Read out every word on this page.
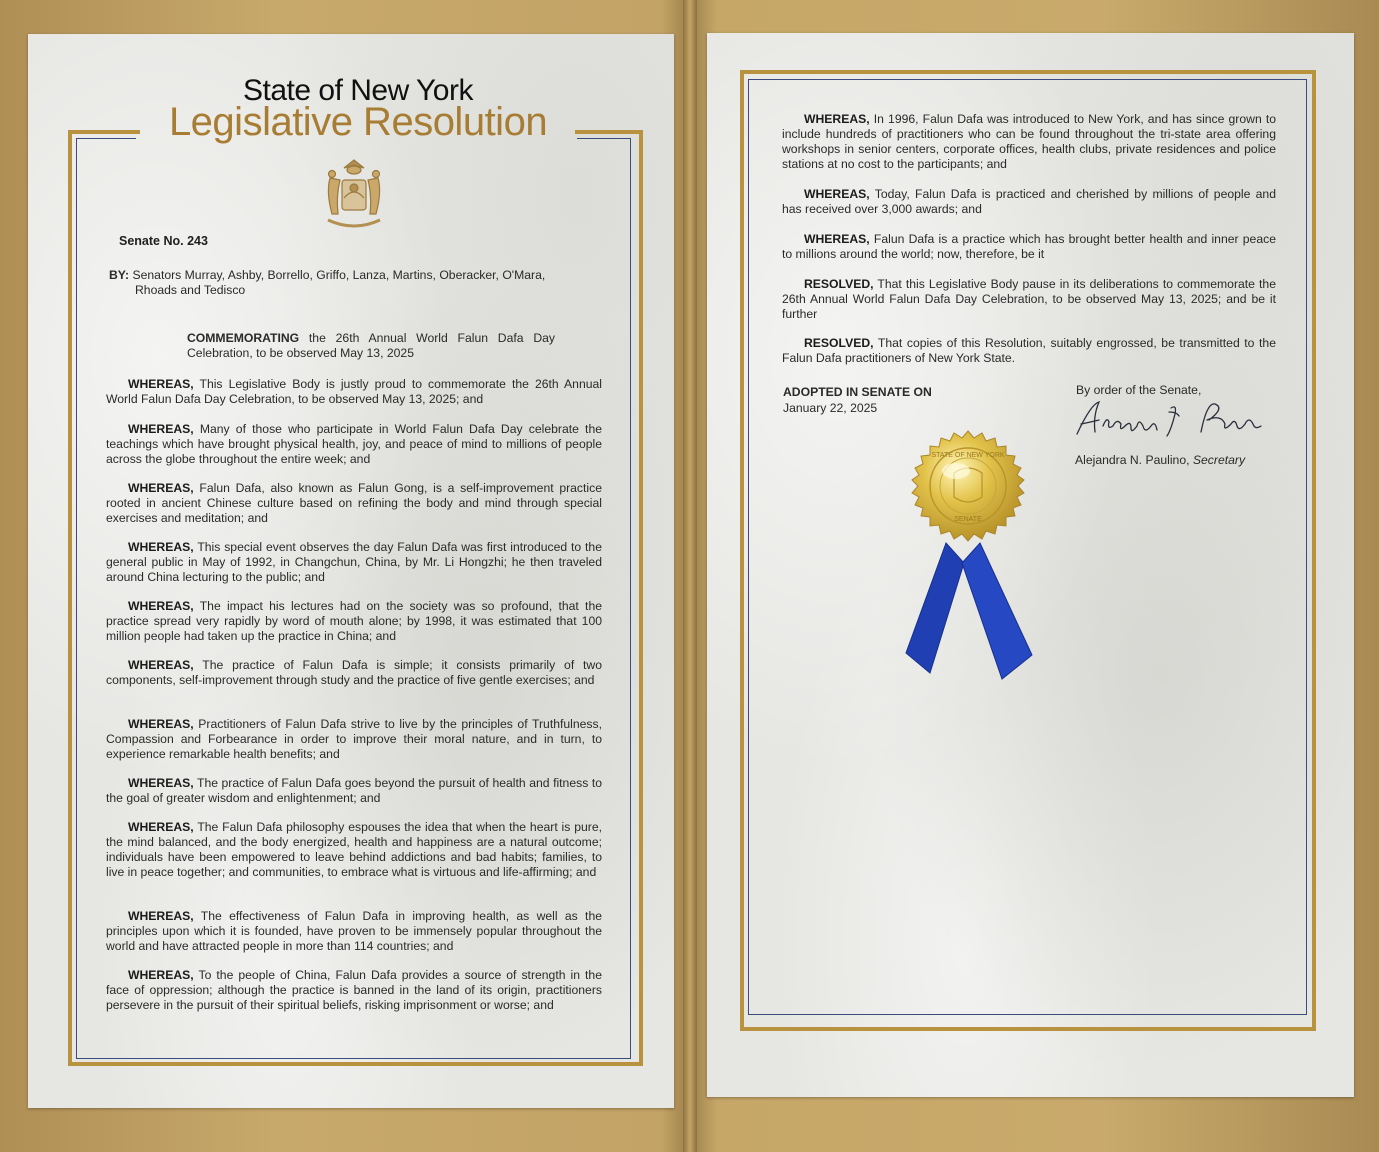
State of New York
Legislative Resolution
Senate No. 243
BY: Senators Murray, Ashby, Borrello, Griffo, Lanza, Martins, Oberacker, O'Mara,
Rhoads and Tedisco
COMMEMORATING the 26th Annual World Falun Dafa Day Celebration, to be observed May 13, 2025
WHEREAS, This Legislative Body is justly proud to commemorate the 26th Annual World Falun Dafa Day Celebration, to be observed May 13, 2025; and
WHEREAS, Many of those who participate in World Falun Dafa Day celebrate the teachings which have brought physical health, joy, and peace of mind to millions of people across the globe throughout the entire week; and
WHEREAS, Falun Dafa, also known as Falun Gong, is a self-improvement practice rooted in ancient Chinese culture based on refining the body and mind through special exercises and meditation; and
WHEREAS, This special event observes the day Falun Dafa was first introduced to the general public in May of 1992, in Changchun, China, by Mr. Li Hongzhi; he then traveled around China lecturing to the public; and
WHEREAS, The impact his lectures had on the society was so profound, that the practice spread very rapidly by word of mouth alone; by 1998, it was estimated that 100 million people had taken up the practice in China; and
WHEREAS, The practice of Falun Dafa is simple; it consists primarily of two components, self-improvement through study and the practice of five gentle exercises; and
WHEREAS, Practitioners of Falun Dafa strive to live by the principles of Truthfulness, Compassion and Forbearance in order to improve their moral nature, and in turn, to experience remarkable health benefits; and
WHEREAS, The practice of Falun Dafa goes beyond the pursuit of health and fitness to the goal of greater wisdom and enlightenment; and
WHEREAS, The Falun Dafa philosophy espouses the idea that when the heart is pure, the mind balanced, and the body energized, health and happiness are a natural outcome; individuals have been empowered to leave behind addictions and bad habits; families, to live in peace together; and communities, to embrace what is virtuous and life-affirming; and
WHEREAS, The effectiveness of Falun Dafa in improving health, as well as the principles upon which it is founded, have proven to be immensely popular throughout the world and have attracted people in more than 114 countries; and
WHEREAS, To the people of China, Falun Dafa provides a source of strength in the face of oppression; although the practice is banned in the land of its origin, practitioners persevere in the pursuit of their spiritual beliefs, risking imprisonment or worse; and
WHEREAS, In 1996, Falun Dafa was introduced to New York, and has since grown to include hundreds of practitioners who can be found throughout the tri-state area offering workshops in senior centers, corporate offices, health clubs, private residences and police stations at no cost to the participants; and
WHEREAS, Today, Falun Dafa is practiced and cherished by millions of people and has received over 3,000 awards; and
WHEREAS, Falun Dafa is a practice which has brought better health and inner peace to millions around the world; now, therefore, be it
RESOLVED, That this Legislative Body pause in its deliberations to commemorate the 26th Annual World Falun Dafa Day Celebration, to be observed May 13, 2025; and be it further
RESOLVED, That copies of this Resolution, suitably engrossed, be transmitted to the Falun Dafa practitioners of New York State.
ADOPTED IN SENATE ON
January 22, 2025
By order of the Senate,
Alejandra N. Paulino, Secretary
STATE OF NEW YORK
SENATE
